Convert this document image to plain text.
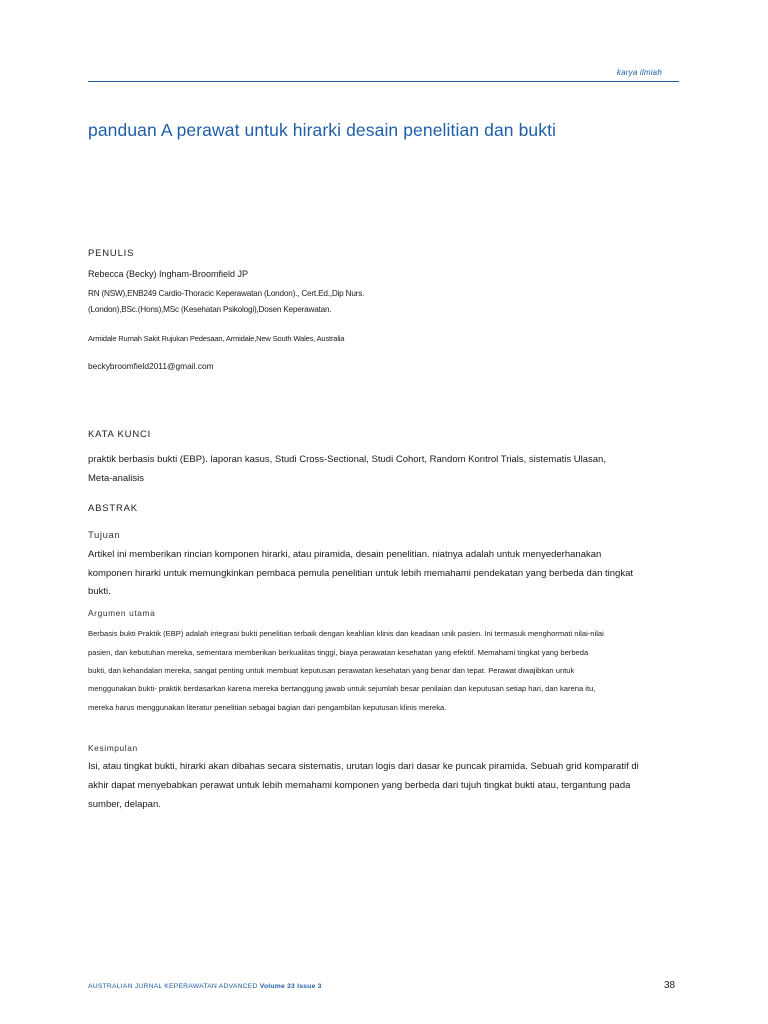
karya ilmiah
panduan A perawat untuk hirarki desain penelitian dan bukti
PENULIS
Rebecca (Becky) Ingham-Broomfield JP
RN (NSW),ENB249 Cardio-Thoracic Keperawatan (London)., Cert.Ed.,Dip Nurs.
(London),BSc.(Hons),MSc (Kesehatan Psikologi),Dosen Keperawatan.
Armidale Rumah Sakit Rujukan Pedesaan, Armidale,New South Wales, Australia
beckybroomfield2011@gmail.com
KATA KUNCI
praktik berbasis bukti (EBP). laporan kasus, Studi Cross-Sectional, Studi Cohort, Random Kontrol Trials, sistematis Ulasan,
Meta-analisis
ABSTRAK
Tujuan
Artikel ini memberikan rincian komponen hirarki, atau piramida, desain penelitian. niatnya adalah untuk menyederhanakan
komponen hirarki untuk memungkinkan pembaca pemula penelitian untuk lebih memahami pendekatan yang berbeda dan tingkat
bukti.
Argumen utama
Berbasis bukti Praktik (EBP) adalah integrasi bukti penelitian terbaik dengan keahlian klinis dan keadaan unik pasien. Ini termasuk menghormati nilai-nilai
pasien, dan kebutuhan mereka, sementara memberikan berkualitas tinggi, biaya perawatan kesehatan yang efektif. Memahami tingkat yang berbeda
bukti, dan kehandalan mereka, sangat penting untuk membuat keputusan perawatan kesehatan yang benar dan tepat. Perawat diwajibkan untuk
menggunakan bukti- praktik berdasarkan karena mereka bertanggung jawab untuk sejumlah besar penilaian dan keputusan setiap hari, dan karena itu,
mereka harus menggunakan literatur penelitian sebagai bagian dari pengambilan keputusan klinis mereka.
Kesimpulan
Isi, atau tingkat bukti, hirarki akan dibahas secara sistematis, urutan logis dari dasar ke puncak piramida. Sebuah grid komparatif di
akhir dapat menyebabkan perawat untuk lebih memahami komponen yang berbeda dari tujuh tingkat bukti atau, tergantung pada
sumber, delapan.
AUSTRALIAN JURNAL KEPERAWATAN ADVANCED Volume 33 Issue 3	38
